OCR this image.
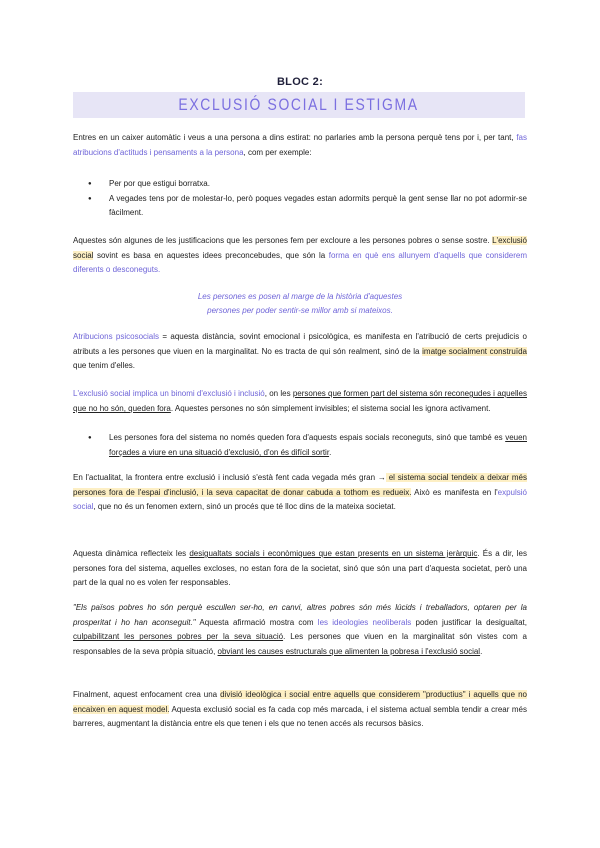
BLOC 2:
EXCLUSIÓ SOCIAL I ESTIGMA
Entres en un caixer automàtic i veus a una persona a dins estirat: no parlaries amb la persona perquè tens por i, per tant, fas atribucions d'actituds i pensaments a la persona, com per exemple:
● Per por que estigui borratxa.
● A vegades tens por de molestar-lo, però poques vegades estan adormits perquè la gent sense llar no pot adormir-se fàcilment.
Aquestes són algunes de les justificacions que les persones fem per excloure a les persones pobres o sense sostre. L'exclusió social sovint es basa en aquestes idees preconcebudes, que són la forma en què ens allunyem d'aquells que considerem diferents o desconeguts.
Les persones es posen al marge de la història d'aquestes
persones per poder sentir-se millor amb si mateixos.
Atribucions psicosocials = aquesta distància, sovint emocional i psicològica, es manifesta en l'atribució de certs prejudicis o atributs a les persones que viuen en la marginalitat. No es tracta de qui són realment, sinó de la imatge socialment construïda que tenim d'elles.
L'exclusió social implica un binomi d'exclusió i inclusió, on les persones que formen part del sistema són reconegudes i aquelles que no ho són, queden fora. Aquestes persones no són simplement invisibles; el sistema social les ignora activament.
● Les persones fora del sistema no només queden fora d'aquests espais socials reconeguts, sinó que també es veuen forçades a viure en una situació d'exclusió, d'on és difícil sortir.
En l'actualitat, la frontera entre exclusió i inclusió s'està fent cada vegada més gran → el sistema social tendeix a deixar més persones fora de l'espai d'inclusió, i la seva capacitat de donar cabuda a tothom es redueix. Això es manifesta en l'expulsió social, que no és un fenomen extern, sinó un procés que té lloc dins de la mateixa societat.
Aquesta dinàmica reflecteix les desigualtats socials i econòmiques que estan presents en un sistema jeràrquic. És a dir, les persones fora del sistema, aquelles excloses, no estan fora de la societat, sinó que són una part d'aquesta societat, però una part de la qual no es volen fer responsables.
"Els països pobres ho són perquè escullen ser-ho, en canvi, altres pobres són més lúcids i treballadors, optaren per la prosperitat i ho han aconseguit." Aquesta afirmació mostra com les ideologies neoliberals poden justificar la desigualtat, culpabilitzant les persones pobres per la seva situació. Les persones que viuen en la marginalitat són vistes com a responsables de la seva pròpia situació, obviant les causes estructurals que alimenten la pobresa i l'exclusió social.
Finalment, aquest enfocament crea una divisió ideològica i social entre aquells que considerem "productius" i aquells que no encaixen en aquest model. Aquesta exclusió social es fa cada cop més marcada, i el sistema actual sembla tendir a crear més barreres, augmentant la distància entre els que tenen i els que no tenen accés als recursos bàsics.
